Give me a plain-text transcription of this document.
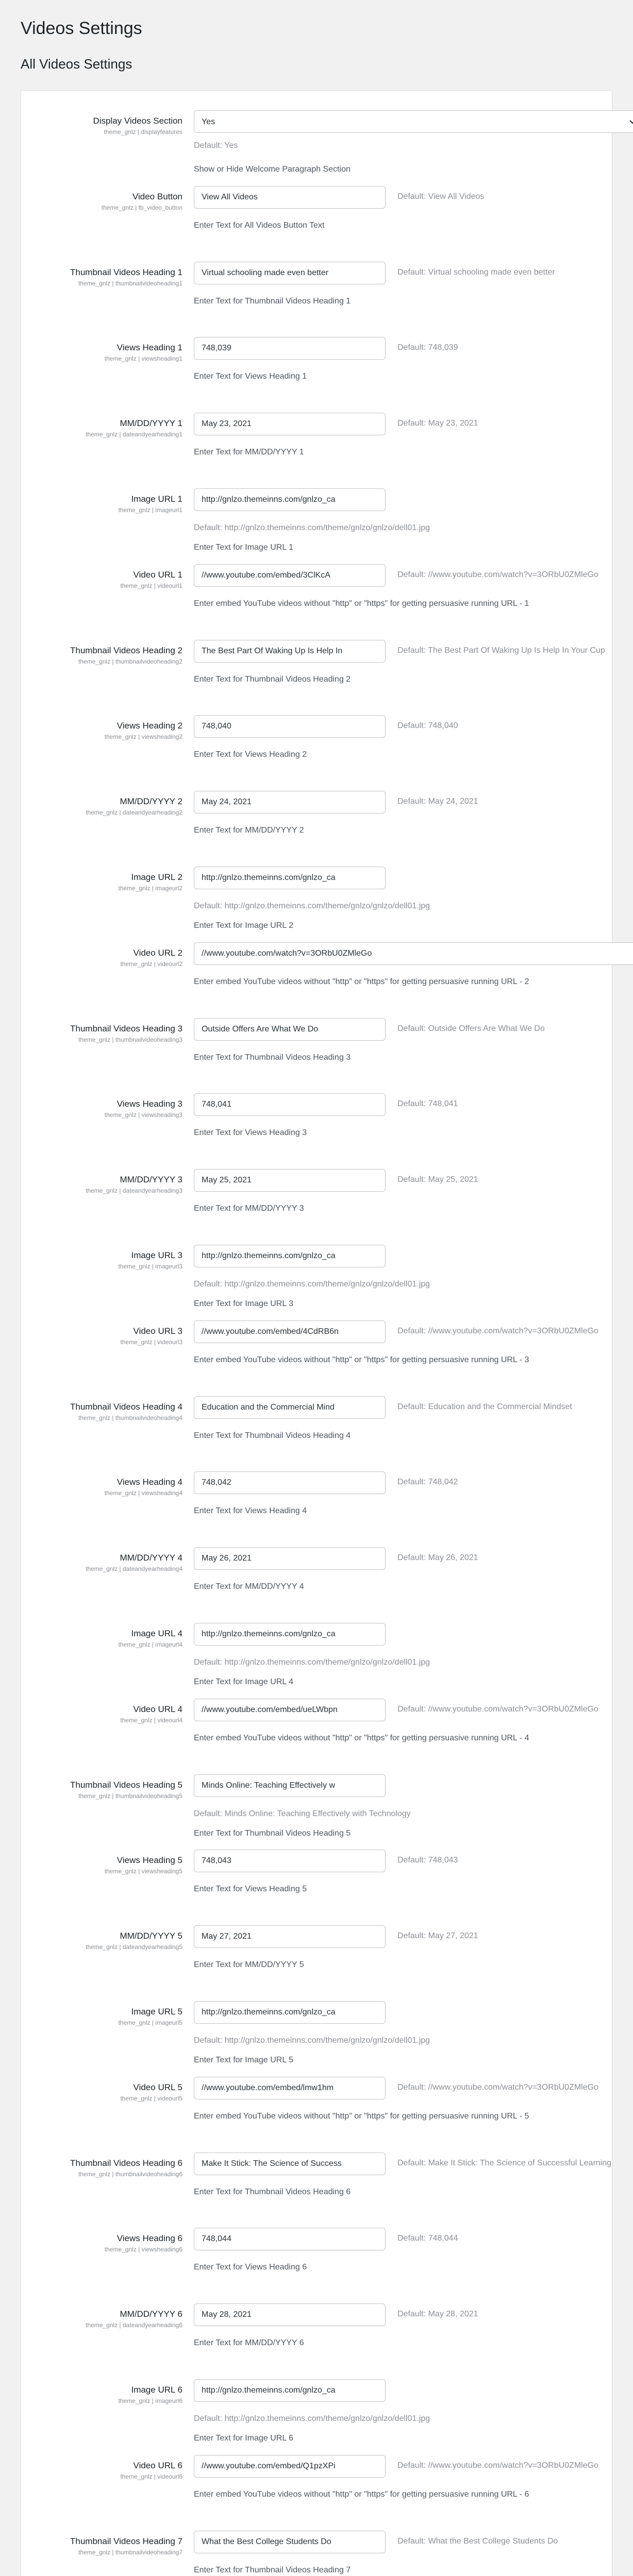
Videos Settings
All Videos Settings
Display Videos Section
theme_gnlz | displayfeatures
Yes
Default: Yes
Show or Hide Welcome Paragraph Section
Video Button
theme_gnlz | fb_video_button
View All Videos
Default: View All Videos
Enter Text for All Videos Button Text
Thumbnail Videos Heading 1
theme_gnlz | thumbnailvideoheading1
Virtual schooling made even better
Default: Virtual schooling made even better
Enter Text for Thumbnail Videos Heading 1
Views Heading 1
theme_gnlz | viewsheading1
748,039
Default: 748,039
Enter Text for Views Heading 1
MM/DD/YYYY 1
theme_gnlz | dateandyearheading1
May 23, 2021
Default: May 23, 2021
Enter Text for MM/DD/YYYY 1
Image URL 1
theme_gnlz | imageurl1
http://gnlzo.themeinns.com/gnlzo_ca
Default: http://gnlzo.themeinns.com/theme/gnlzo/gnlzo/dell01.jpg
Enter Text for Image URL 1
Video URL 1
theme_gnlz | videourl1
//www.youtube.com/embed/3ClKcA
Default: //www.youtube.com/watch?v=3ORbU0ZMleGo
Enter embed YouTube videos without "http" or "https" for getting persuasive running URL - 1
Thumbnail Videos Heading 2
theme_gnlz | thumbnailvideoheading2
The Best Part Of Waking Up Is Help In
Default: The Best Part Of Waking Up Is Help In Your Cup
Enter Text for Thumbnail Videos Heading 2
Views Heading 2
theme_gnlz | viewsheading2
748,040
Default: 748,040
Enter Text for Views Heading 2
MM/DD/YYYY 2
theme_gnlz | dateandyearheading2
May 24, 2021
Default: May 24, 2021
Enter Text for MM/DD/YYYY 2
Image URL 2
theme_gnlz | imageurl2
http://gnlzo.themeinns.com/gnlzo_ca
Default: http://gnlzo.themeinns.com/theme/gnlzo/gnlzo/dell01.jpg
Enter Text for Image URL 2
Video URL 2
theme_gnlz | videourl2
//www.youtube.com/watch?v=3ORbU0ZMleGo
Enter embed YouTube videos without "http" or "https" for getting persuasive running URL - 2
Thumbnail Videos Heading 3
theme_gnlz | thumbnailvideoheading3
Outside Offers Are What We Do
Default: Outside Offers Are What We Do
Enter Text for Thumbnail Videos Heading 3
Views Heading 3
theme_gnlz | viewsheading3
748,041
Default: 748,041
Enter Text for Views Heading 3
MM/DD/YYYY 3
theme_gnlz | dateandyearheading3
May 25, 2021
Default: May 25, 2021
Enter Text for MM/DD/YYYY 3
Image URL 3
theme_gnlz | imageurl3
http://gnlzo.themeinns.com/gnlzo_ca
Default: http://gnlzo.themeinns.com/theme/gnlzo/gnlzo/dell01.jpg
Enter Text for Image URL 3
Video URL 3
theme_gnlz | videourl3
//www.youtube.com/embed/4CdRB6n
Default: //www.youtube.com/watch?v=3ORbU0ZMleGo
Enter embed YouTube videos without "http" or "https" for getting persuasive running URL - 3
Thumbnail Videos Heading 4
theme_gnlz | thumbnailvideoheading4
Education and the Commercial Mind
Default: Education and the Commercial Mindset
Enter Text for Thumbnail Videos Heading 4
Views Heading 4
theme_gnlz | viewsheading4
748,042
Default: 748,042
Enter Text for Views Heading 4
MM/DD/YYYY 4
theme_gnlz | dateandyearheading4
May 26, 2021
Default: May 26, 2021
Enter Text for MM/DD/YYYY 4
Image URL 4
theme_gnlz | imageurl4
http://gnlzo.themeinns.com/gnlzo_ca
Default: http://gnlzo.themeinns.com/theme/gnlzo/gnlzo/dell01.jpg
Enter Text for Image URL 4
Video URL 4
theme_gnlz | videourl4
//www.youtube.com/embed/ueLWbpn
Default: //www.youtube.com/watch?v=3ORbU0ZMleGo
Enter embed YouTube videos without "http" or "https" for getting persuasive running URL - 4
Thumbnail Videos Heading 5
theme_gnlz | thumbnailvideoheading5
Minds Online: Teaching Effectively w
Default: Minds Online: Teaching Effectively with Technology
Enter Text for Thumbnail Videos Heading 5
Views Heading 5
theme_gnlz | viewsheading5
748,043
Default: 748,043
Enter Text for Views Heading 5
MM/DD/YYYY 5
theme_gnlz | dateandyearheading5
May 27, 2021
Default: May 27, 2021
Enter Text for MM/DD/YYYY 5
Image URL 5
theme_gnlz | imageurl5
http://gnlzo.themeinns.com/gnlzo_ca
Default: http://gnlzo.themeinns.com/theme/gnlzo/gnlzo/dell01.jpg
Enter Text for Image URL 5
Video URL 5
theme_gnlz | videourl5
//www.youtube.com/embed/lmw1hm
Default: //www.youtube.com/watch?v=3ORbU0ZMleGo
Enter embed YouTube videos without "http" or "https" for getting persuasive running URL - 5
Thumbnail Videos Heading 6
theme_gnlz | thumbnailvideoheading6
Make It Stick: The Science of Success
Default: Make It Stick: The Science of Successful Learning
Enter Text for Thumbnail Videos Heading 6
Views Heading 6
theme_gnlz | viewsheading6
748,044
Default: 748,044
Enter Text for Views Heading 6
MM/DD/YYYY 6
theme_gnlz | dateandyearheading6
May 28, 2021
Default: May 28, 2021
Enter Text for MM/DD/YYYY 6
Image URL 6
theme_gnlz | imageurl6
http://gnlzo.themeinns.com/gnlzo_ca
Default: http://gnlzo.themeinns.com/theme/gnlzo/gnlzo/dell01.jpg
Enter Text for Image URL 6
Video URL 6
theme_gnlz | videourl6
//www.youtube.com/embed/Q1pzXPi
Default: //www.youtube.com/watch?v=3ORbU0ZMleGo
Enter embed YouTube videos without "http" or "https" for getting persuasive running URL - 6
Thumbnail Videos Heading 7
theme_gnlz | thumbnailvideoheading7
What the Best College Students Do
Default: What the Best College Students Do
Enter Text for Thumbnail Videos Heading 7
